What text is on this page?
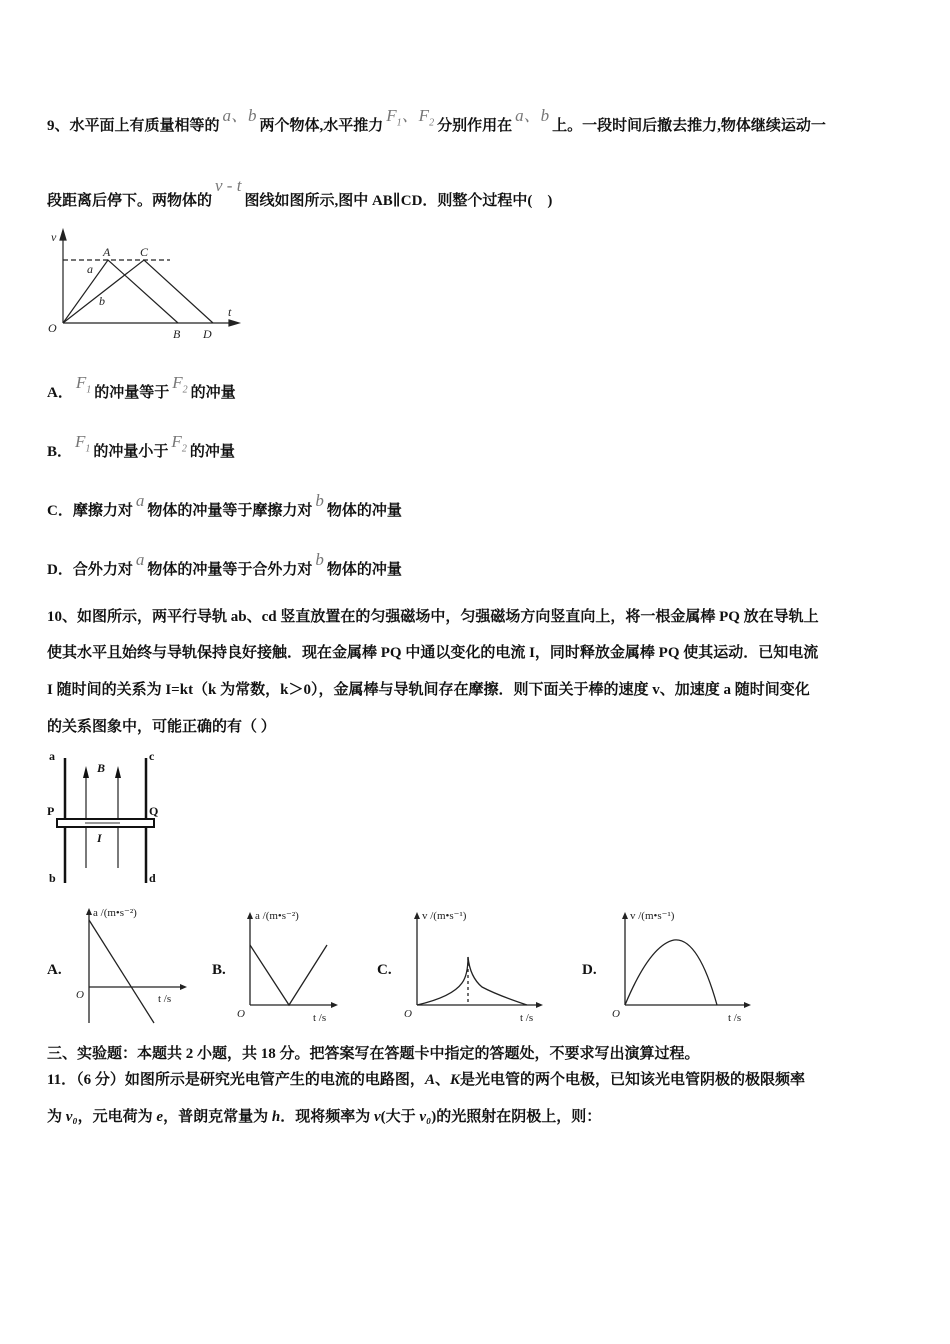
9、水平面上有质量相等的a、b两个物体,水平推力$F_1$、$F_2$ 分别作用在a、b上。一段时间后撤去推力,物体继续运动一
段距离后停下。两物体的v - t图线如图所示,图中 AB∥CD．则整个过程中(　)
v
t
O
A C
B D
a
b
A．$F_1$ 的冲量等于$F_2$ 的冲量
B．$F_1$ 的冲量小于$F_2$ 的冲量
C．摩擦力对a物体的冲量等于摩擦力对b物体的冲量
D．合外力对a物体的冲量等于合外力对b物体的冲量
10、如图所示，两平行导轨 ab、cd 竖直放置在的匀强磁场中，匀强磁场方向竖直向上，将一根金属棒 PQ 放在导轨上
使其水平且始终与导轨保持良好接触．现在金属棒 PQ 中通以变化的电流 I，同时释放金属棒 PQ 使其运动．已知电流
I 随时间的关系为 I=kt（k 为常数，k＞0），金属棒与导轨间存在摩擦．则下面关于棒的速度 v、加速度 a 随时间变化
的关系图象中，可能正确的有（ ）
a	c
P	Q
b	d
B
I
A.
a /(m•s⁻²)
t /s
O
B.
a /(m•s⁻²)
t /s
O
C.
v /(m•s⁻¹)
t /s
O
D.
v /(m•s⁻¹)
t /s
O
三、实验题：本题共 2 小题，共 18 分。把答案写在答题卡中指定的答题处，不要求写出演算过程。
11．（6 分）如图所示是研究光电管产生的电流的电路图，A、K是光电管的两个电极，已知该光电管阴极的极限频率
为 v₀，元电荷为 e，普朗克常量为 h．现将频率为 v(大于 v₀)的光照射在阴极上，则：
